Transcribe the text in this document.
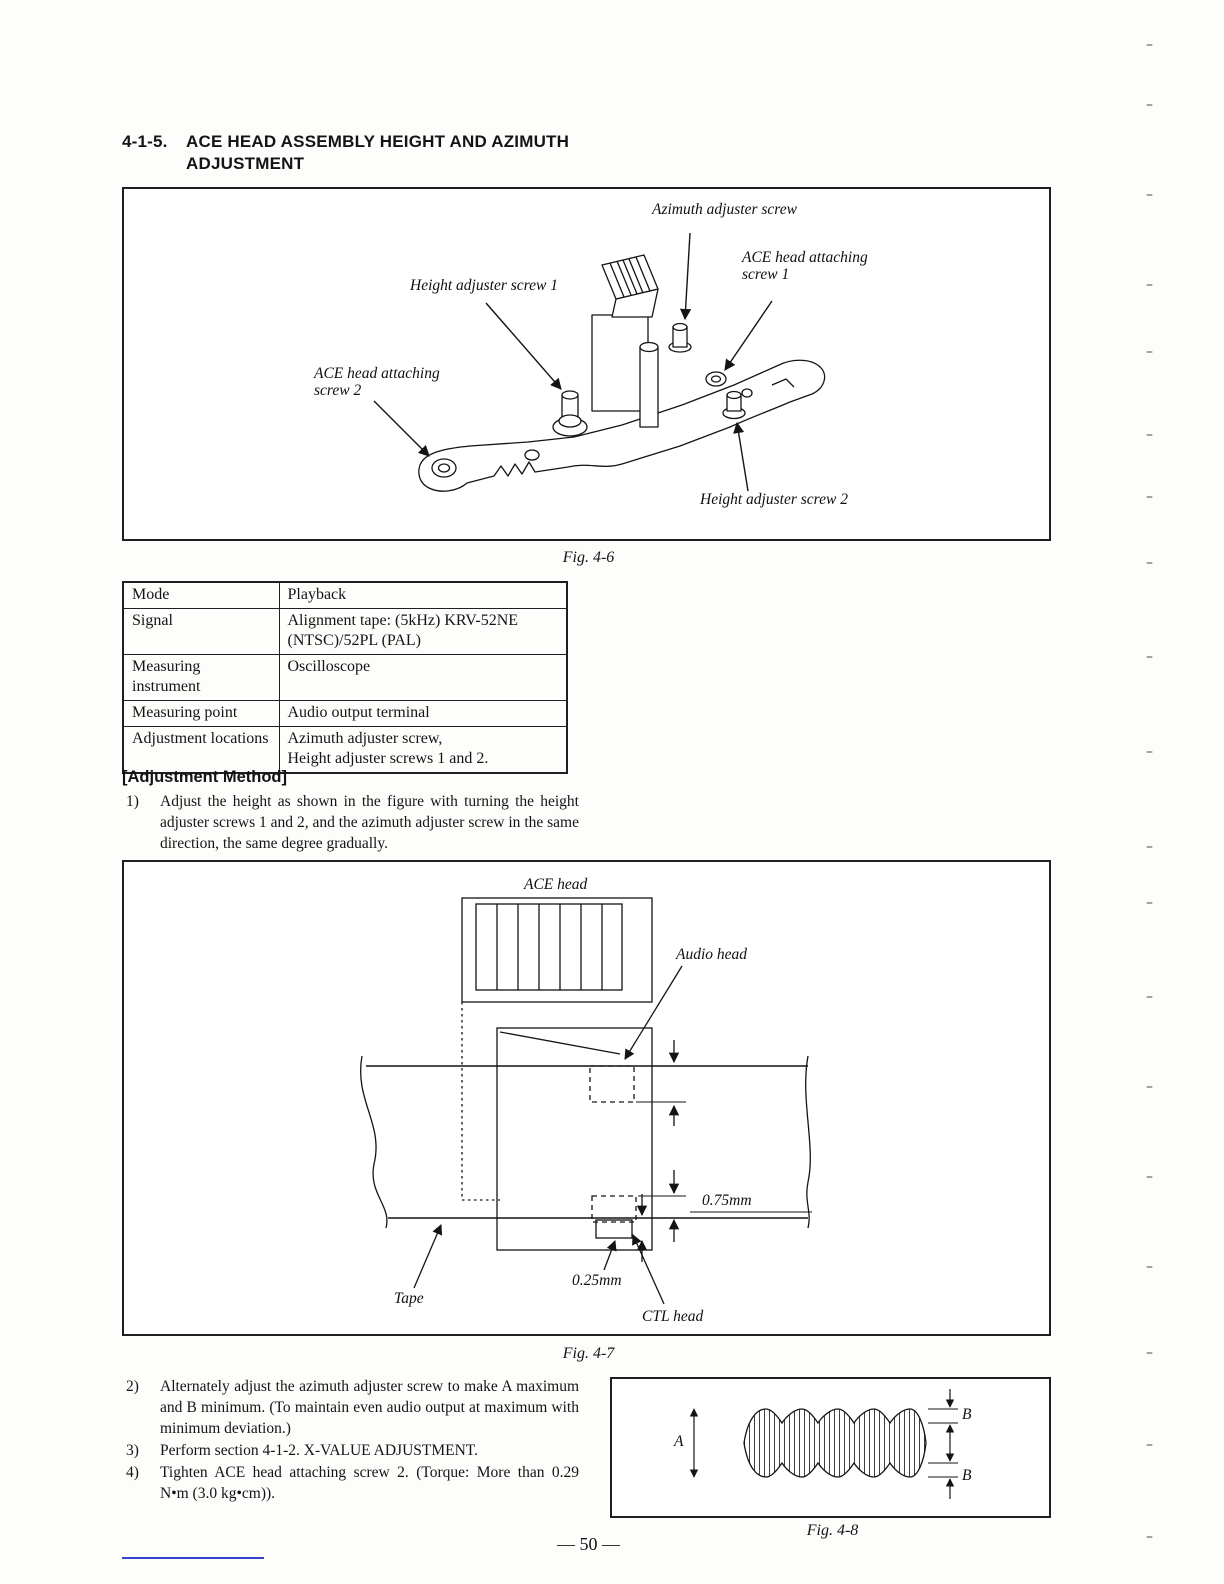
4-1-5.	ACE HEAD ASSEMBLY HEIGHT AND AZIMUTH
ADJUSTMENT
Azimuth adjuster screw
ACE head attaching
screw 1
Height adjuster screw 1
ACE head attaching
screw 2
Height adjuster screw 2
Fig. 4-6
Mode	Playback

Signal	Alignment tape: (5kHz) KRV-52NE
(NTSC)/52PL (PAL)

Measuring instrument	Oscilloscope

Measuring point	Audio output terminal

Adjustment locations	Azimuth adjuster screw,
Height adjuster screws 1 and 2.
[Adjustment Method]
1) Adjust the height as shown in the figure with turning the height adjuster screws 1 and 2, and the azimuth adjuster screw in the same direction, the same degree gradually.
ACE head
Audio head
0.75mm
0.25mm
Tape
CTL head
Fig. 4-7
2) Alternately adjust the azimuth adjuster screw to make A maximum and B minimum. (To maintain even audio output at maximum with minimum deviation.)
3) Perform section 4-1-2. X-VALUE ADJUSTMENT.
4) Tighten ACE head attaching screw 2. (Torque: More than 0.29 N•m (3.0 kg•cm)).
A
B
B
Fig. 4-8
— 50 —
–
–
–
–
–
–
–
–
–
–
–
–
–
–
–
–
–
–
–
